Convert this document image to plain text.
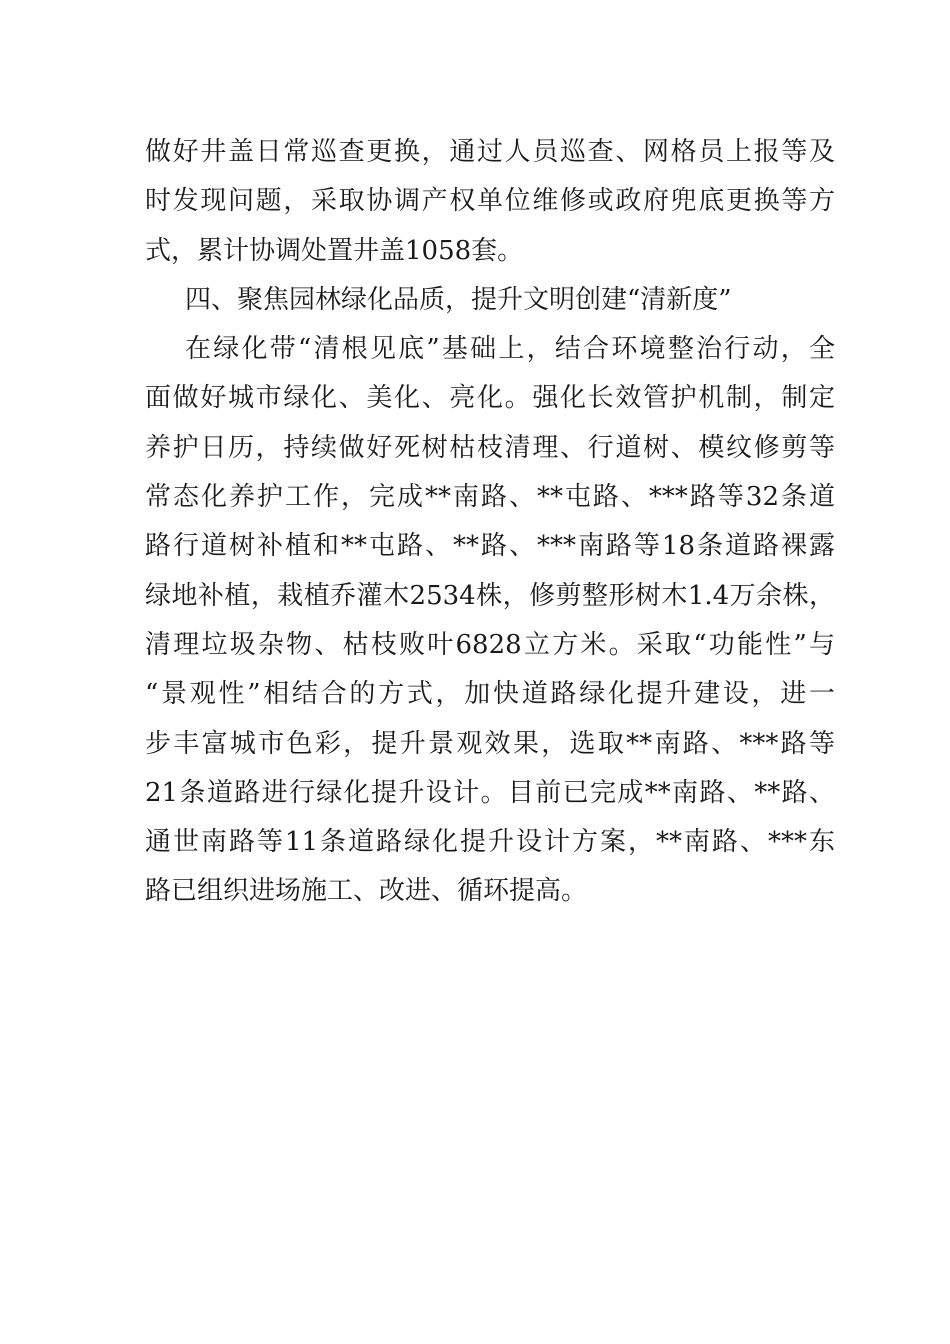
做好井盖日常巡查更换，通过人员巡查、网格员上报等及
时发现问题，采取协调产权单位维修或政府兜底更换等方
式，累计协调处置井盖1058套。
四、聚焦园林绿化品质，提升文明创建“清新度”
在绿化带“清根见底”基础上，结合环境整治行动，全
面做好城市绿化、美化、亮化。强化长效管护机制，制定
养护日历，持续做好死树枯枝清理、行道树、模纹修剪等
常态化养护工作，完成**南路、**屯路、***路等32条道
路行道树补植和**屯路、**路、***南路等18条道路裸露
绿地补植，栽植乔灌木2534株，修剪整形树木1.4万余株，
清理垃圾杂物、枯枝败叶6828立方米。采取“功能性”与
“景观性”相结合的方式，加快道路绿化提升建设，进一
步丰富城市色彩，提升景观效果，选取**南路、***路等
21条道路进行绿化提升设计。目前已完成**南路、**路、
通世南路等11条道路绿化提升设计方案，**南路、***东
路已组织进场施工、改进、循环提高。
